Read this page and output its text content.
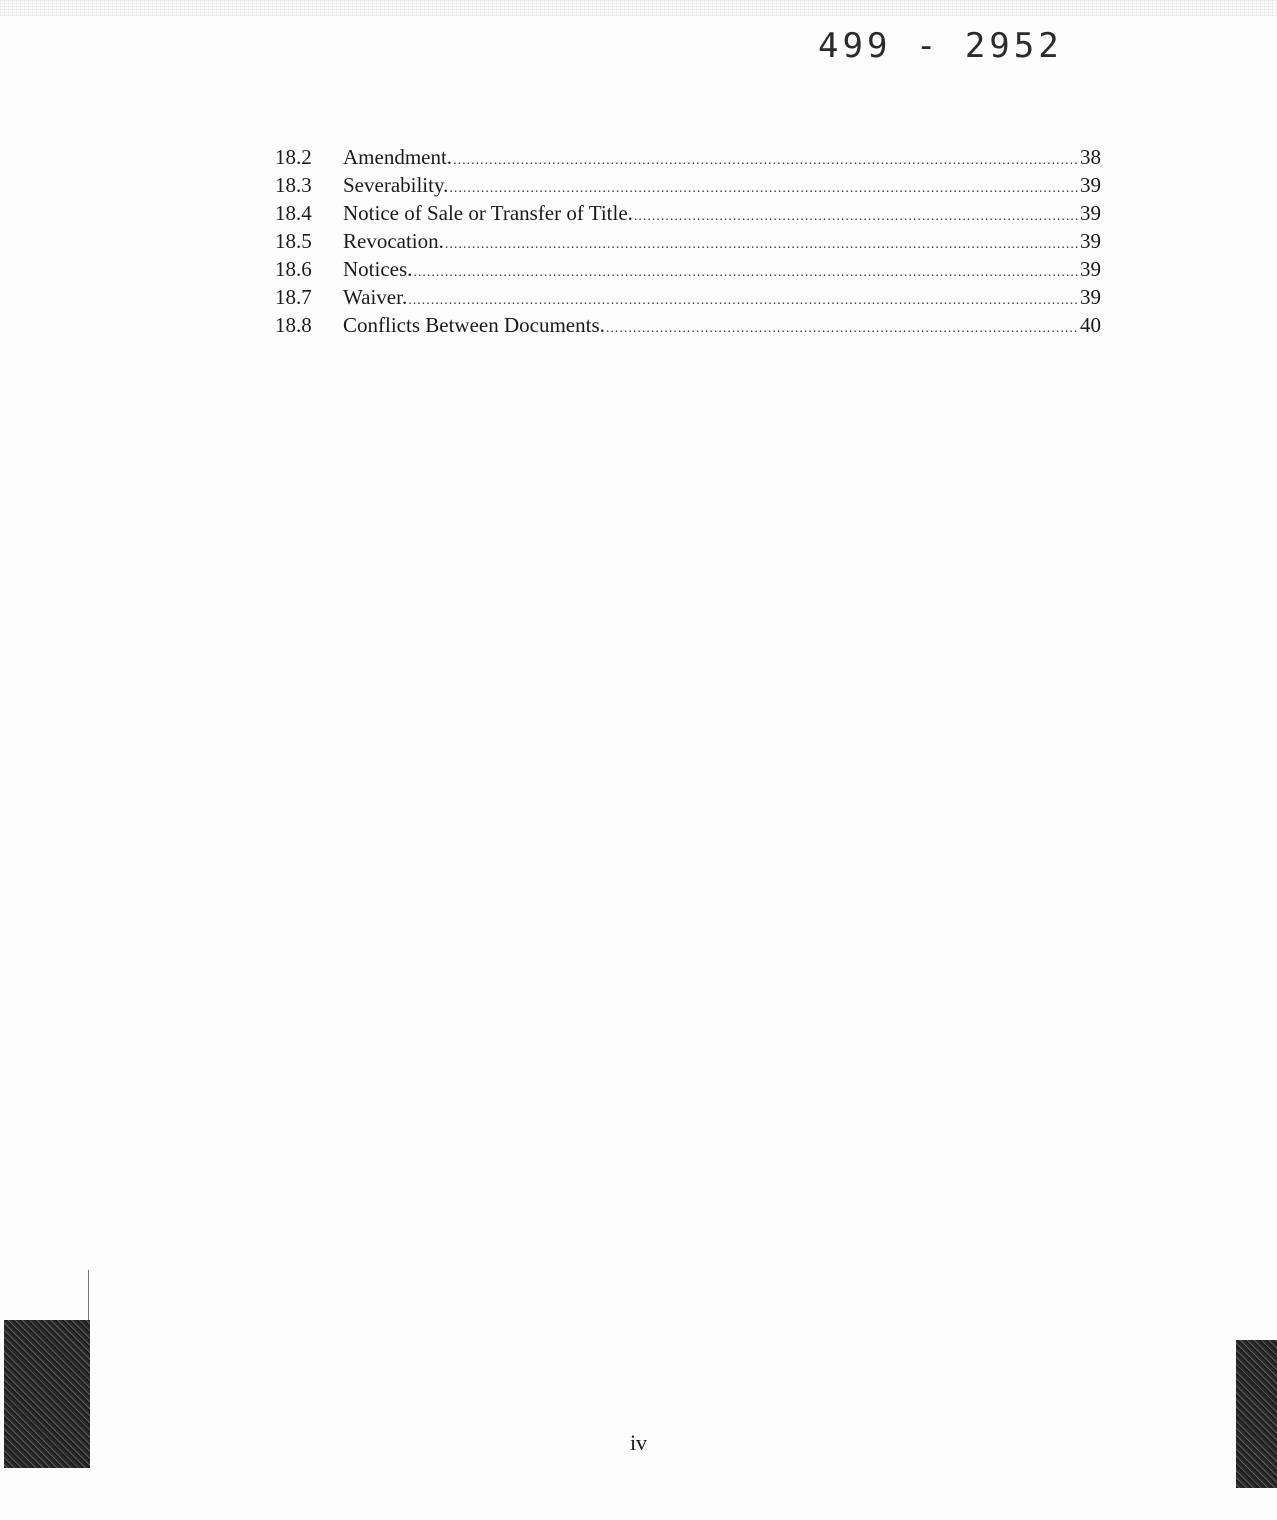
499 - 2952
18.2	Amendment. .....	38
18.3	Severability. .....	39
18.4	Notice of Sale or Transfer of Title. .....	39
18.5	Revocation. .....	39
18.6	Notices. .....	39
18.7	Waiver. .....	39
18.8	Conflicts Between Documents. .....	40
iv
